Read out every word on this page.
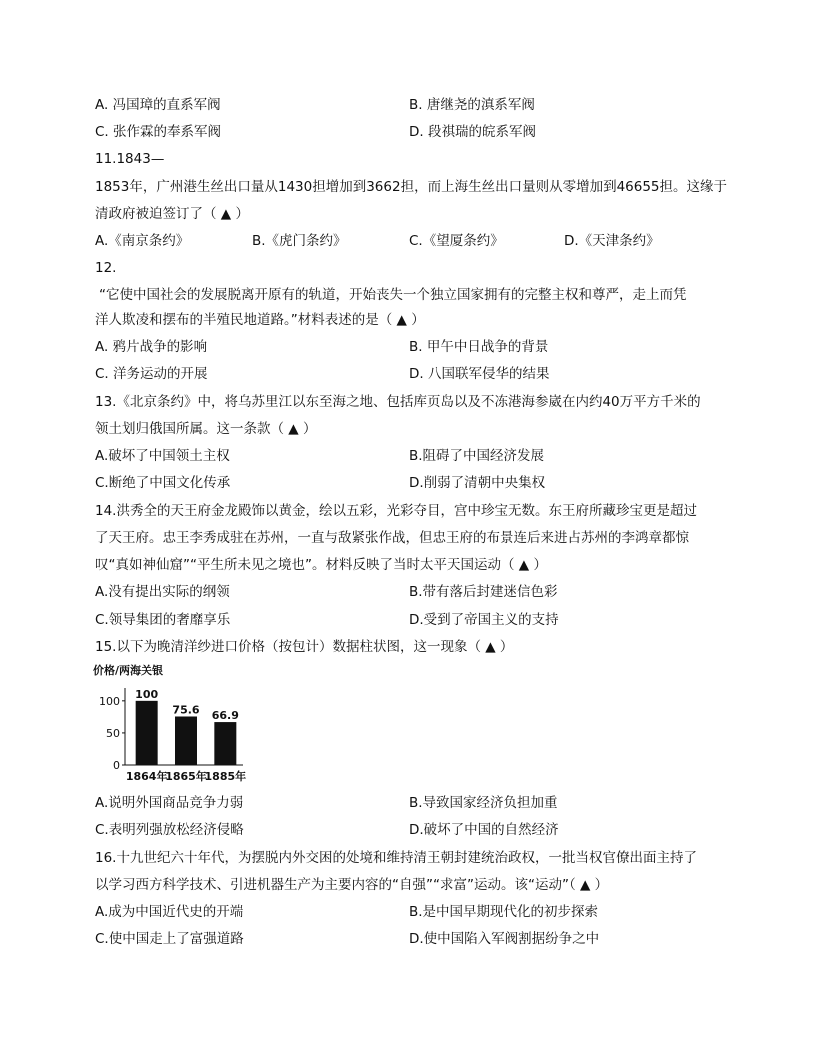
A. 冯国璋的直系军阀	B. 唐继尧的滇系军阀
C. 张作霖的奉系军阀	D. 段祺瑞的皖系军阀
11.1843—
1853年，广州港生丝出口量从1430担增加到3662担，而上海生丝出口量则从零增加到46655担。这缘于
清政府被迫签订了（ ▲ ）
A.《南京条约》	B.《虎门条约》	C.《望厦条约》	D.《天津条约》
12.
“它使中国社会的发展脱离开原有的轨道，开始丧失一个独立国家拥有的完整主权和尊严，走上而凭
洋人欺凌和摆布的半殖民地道路。”材料表述的是（ ▲ ）
A. 鸦片战争的影响	B. 甲午中日战争的背景
C. 洋务运动的开展	D. 八国联军侵华的结果
13.《北京条约》中，将乌苏里江以东至海之地、包括库页岛以及不冻港海参崴在内约40万平方千米的
领土划归俄国所属。这一条款（ ▲ ）
A.破坏了中国领土主权	B.阻碍了中国经济发展
C.断绝了中国文化传承	D.削弱了清朝中央集权
14.洪秀全的天王府金龙殿饰以黄金，绘以五彩，光彩夺目，宫中珍宝无数。东王府所藏珍宝更是超过
了天王府。忠王李秀成驻在苏州，一直与敌紧张作战，但忠王府的布景连后来进占苏州的李鸿章都惊
叹“真如神仙窟”“平生所未见之境也”。材料反映了当时太平天国运动（ ▲ ）
A.没有提出实际的纲领	B.带有落后封建迷信色彩
C.领导集团的奢靡享乐	D.受到了帝国主义的支持
15.以下为晚清洋纱进口价格（按包计）数据柱状图，这一现象（ ▲ ）
价格/两海关银
0
50
100
100
75.6 66.9
1864年
1865年
1885年
A.说明外国商品竞争力弱	B.导致国家经济负担加重
C.表明列强放松经济侵略	D.破坏了中国的自然经济
16.十九世纪六十年代，为摆脱内外交困的处境和维持清王朝封建统治政权，一批当权官僚出面主持了
以学习西方科学技术、引进机器生产为主要内容的“自强”“求富”运动。该“运动”（ ▲ ）
A.成为中国近代史的开端	B.是中国早期现代化的初步探索
C.使中国走上了富强道路	D.使中国陷入军阀割据纷争之中
